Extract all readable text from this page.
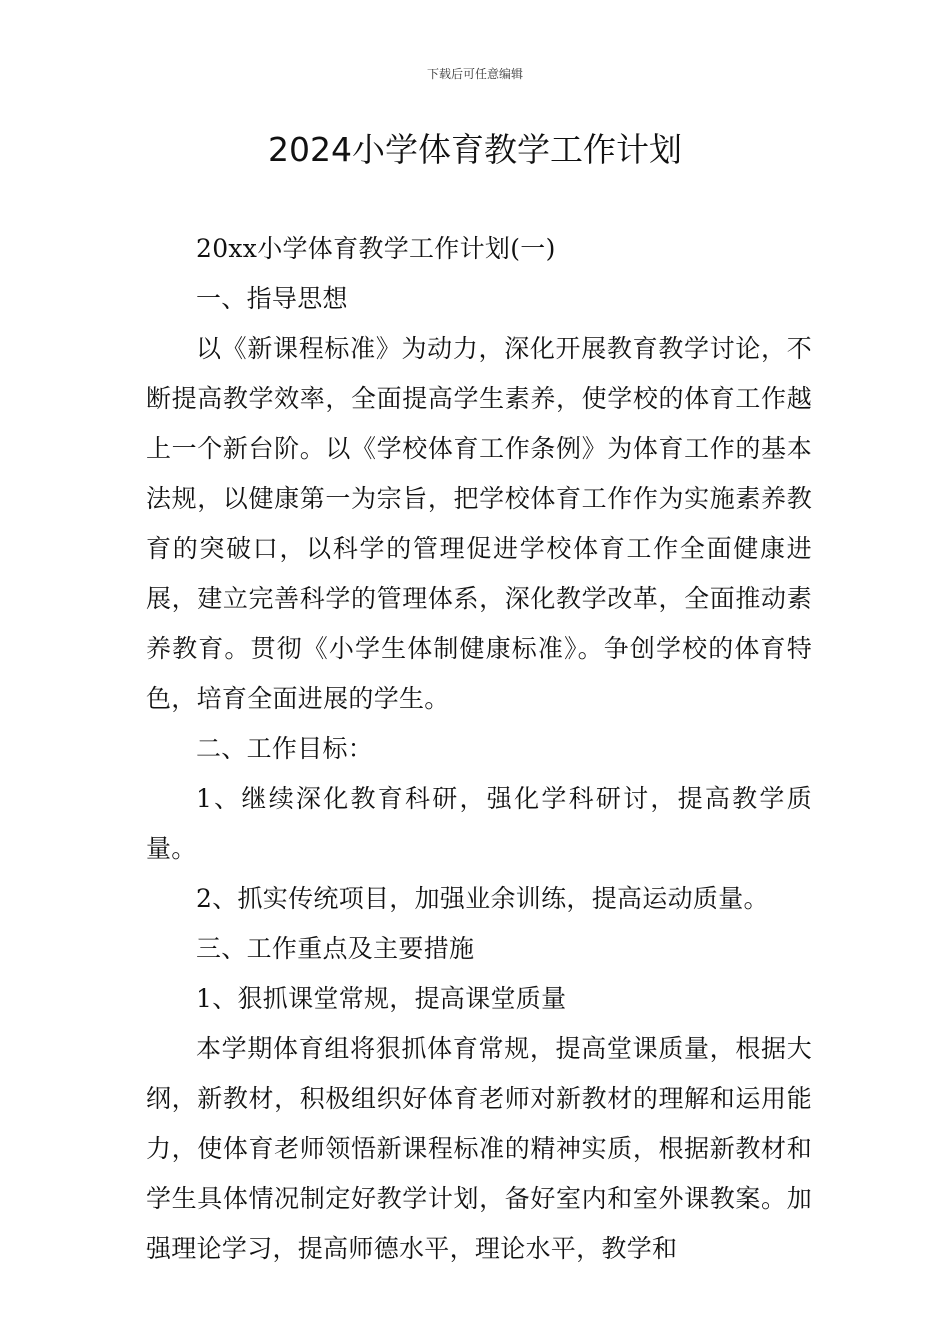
下载后可任意编辑
2024小学体育教学工作计划

20xx小学体育教学工作计划(一)

一、指导思想

以《新课程标准》为动力，深化开展教育教学讨论，不断提高教学效率，全面提高学生素养，使学校的体育工作越上一个新台阶。以《学校体育工作条例》为体育工作的基本法规，以健康第一为宗旨，把学校体育工作作为实施素养教育的突破口，以科学的管理促进学校体育工作全面健康进展，建立完善科学的管理体系，深化教学改革，全面推动素养教育。贯彻《小学生体制健康标准》。争创学校的体育特色，培育全面进展的学生。

二、工作目标：

1、继续深化教育科研，强化学科研讨，提高教学质量。

2、抓实传统项目，加强业余训练，提高运动质量。

三、工作重点及主要措施

1、狠抓课堂常规，提高课堂质量

本学期体育组将狠抓体育常规，提高堂课质量，根据大纲，新教材，积极组织好体育老师对新教材的理解和运用能力，使体育老师领悟新课程标准的精神实质，根据新教材和学生具体情况制定好教学计划，备好室内和室外课教案。加强理论学习，提高师德水平，理论水平，教学和
